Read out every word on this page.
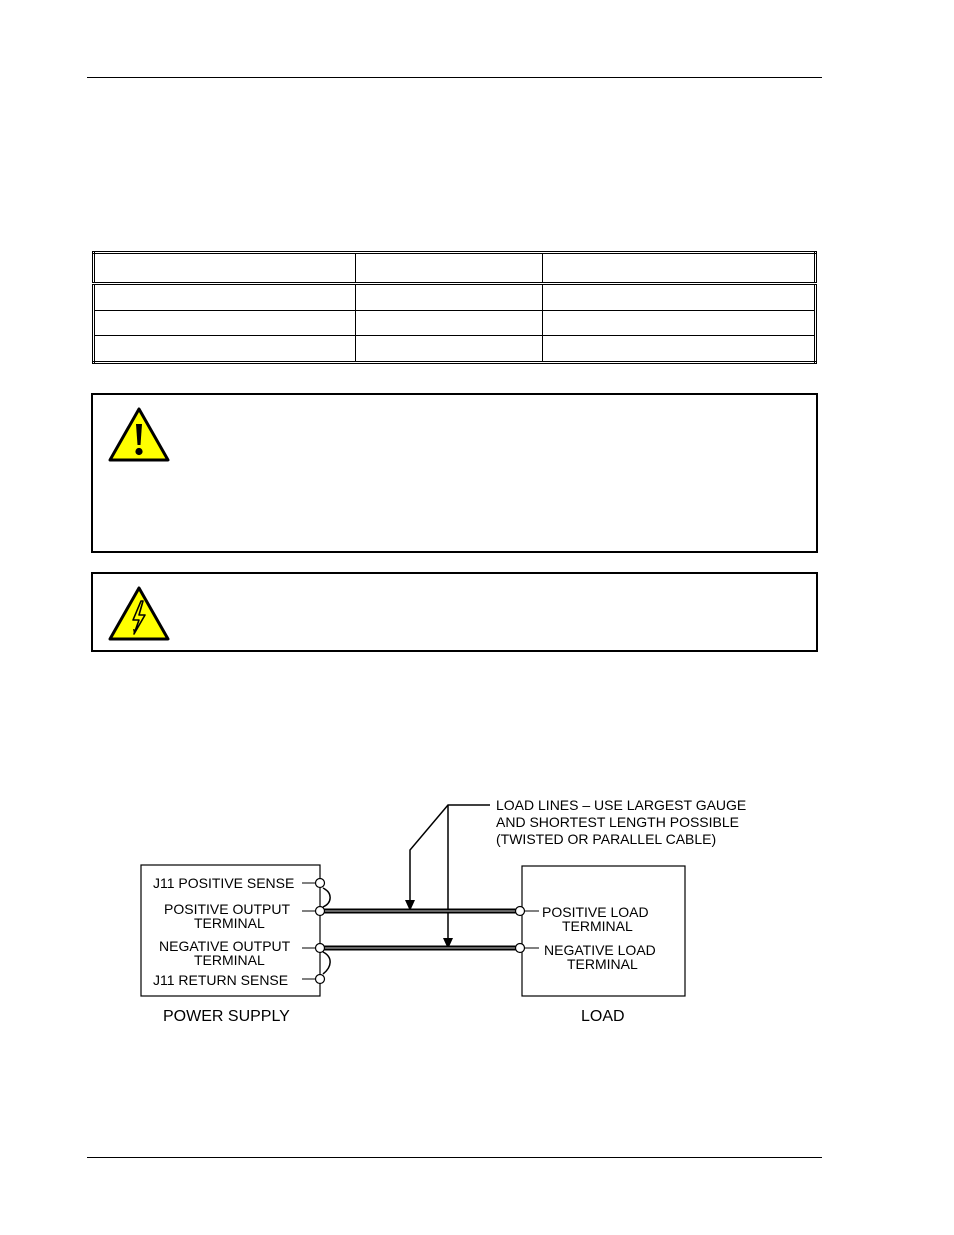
LOAD LINES – USE LARGEST GAUGE
AND SHORTEST LENGTH POSSIBLE
(TWISTED OR PARALLEL CABLE)
J11 POSITIVE SENSE
POSITIVE OUTPUT
TERMINAL
NEGATIVE OUTPUT
TERMINAL
J11 RETURN SENSE
POSITIVE LOAD
TERMINAL
NEGATIVE LOAD
TERMINAL
POWER SUPPLY	LOAD
